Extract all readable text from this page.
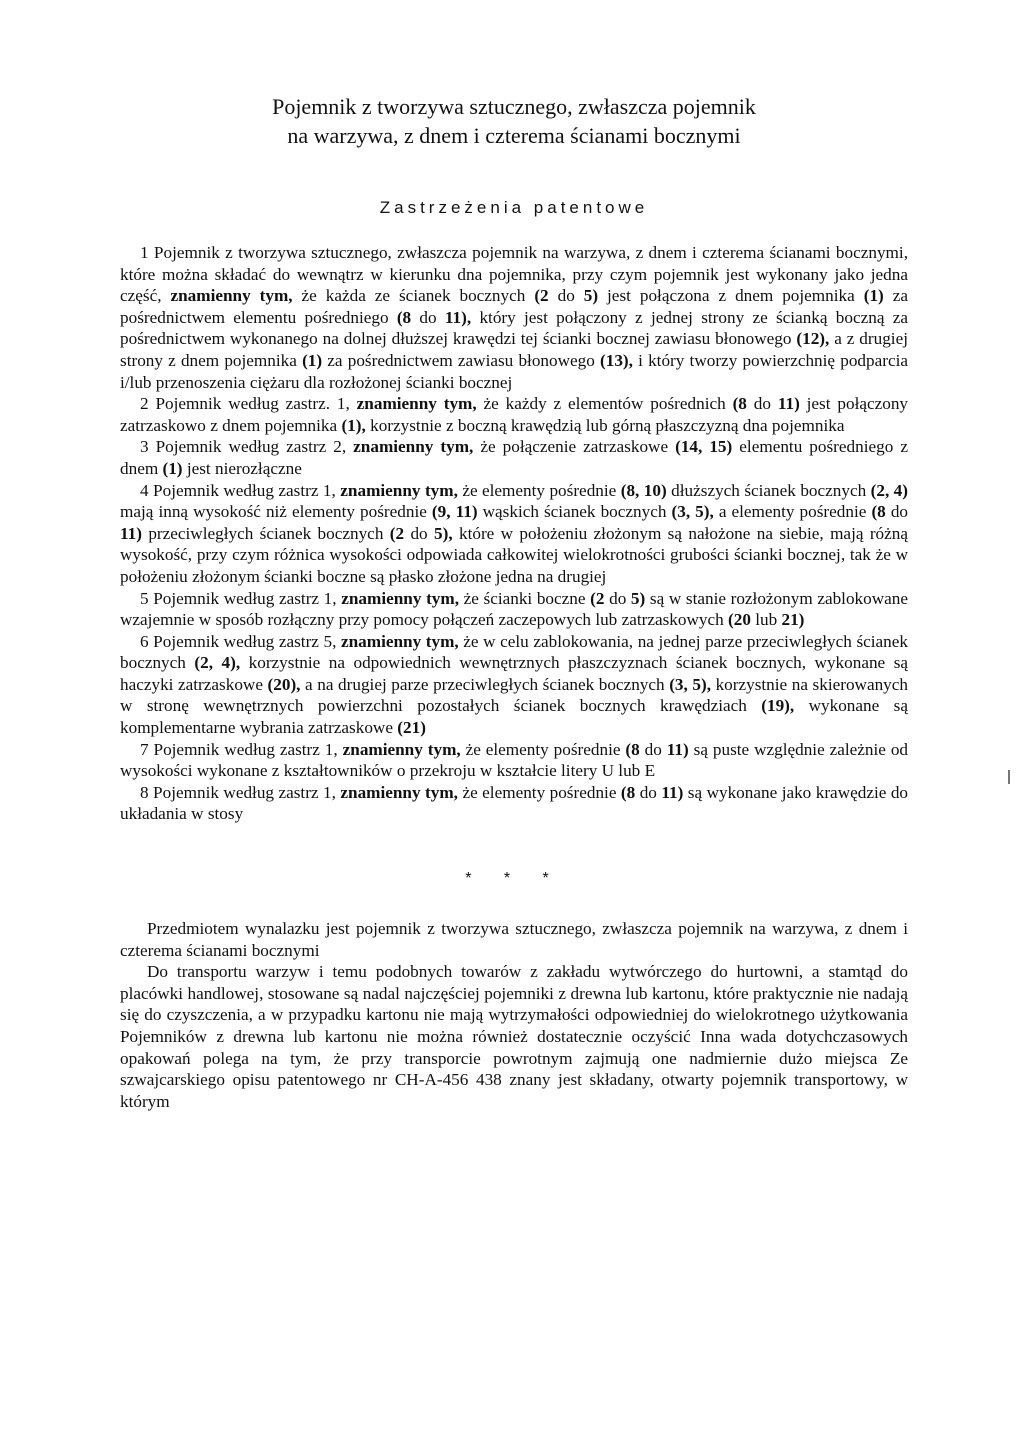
Pojemnik z tworzywa sztucznego, zwłaszcza pojemnik
na warzywa, z dnem i czterema ścianami bocznymi
Zastrzeżenia patentowe

1 Pojemnik z tworzywa sztucznego, zwłaszcza pojemnik na warzywa, z dnem i czterema ścianami bocznymi, które można składać do wewnątrz w kierunku dna pojemnika, przy czym pojemnik jest wykonany jako jedna część, znamienny tym, że każda ze ścianek bocznych (2 do 5) jest połączona z dnem pojemnika (1) za pośrednictwem elementu pośredniego (8 do 11), który jest połączony z jednej strony ze ścianką boczną za pośrednictwem wykonanego na dolnej dłuższej krawędzi tej ścianki bocznej zawiasu błonowego (12), a z drugiej strony z dnem pojemnika (1) za pośrednictwem zawiasu błonowego (13), i który tworzy powierzchnię podparcia i/lub przenoszenia ciężaru dla rozłożonej ścianki bocznej

2 Pojemnik według zastrz. 1, znamienny tym, że każdy z elementów pośrednich (8 do 11) jest połączony zatrzaskowo z dnem pojemnika (1), korzystnie z boczną krawędzią lub górną płaszczyzną dna pojemnika

3 Pojemnik według zastrz 2, znamienny tym, że połączenie zatrzaskowe (14, 15) elementu pośredniego z dnem (1) jest nierozłączne

4 Pojemnik według zastrz 1, znamienny tym, że elementy pośrednie (8, 10) dłuższych ścianek bocznych (2, 4) mają inną wysokość niż elementy pośrednie (9, 11) wąskich ścianek bocznych (3, 5), a elementy pośrednie (8 do 11) przeciwległych ścianek bocznych (2 do 5), które w położeniu złożonym są nałożone na siebie, mają różną wysokość, przy czym różnica wysokości odpowiada całkowitej wielokrotności grubości ścianki bocznej, tak że w położeniu złożonym ścianki boczne są płasko złożone jedna na drugiej

5 Pojemnik według zastrz 1, znamienny tym, że ścianki boczne (2 do 5) są w stanie rozłożonym zablokowane wzajemnie w sposób rozłączny przy pomocy połączeń zaczepowych lub zatrzaskowych (20 lub 21)

6 Pojemnik według zastrz 5, znamienny tym, że w celu zablokowania, na jednej parze przeciwległych ścianek bocznych (2, 4), korzystnie na odpowiednich wewnętrznych płaszczyznach ścianek bocznych, wykonane są haczyki zatrzaskowe (20), a na drugiej parze przeciwległych ścianek bocznych (3, 5), korzystnie na skierowanych w stronę wewnętrznych powierzchni pozostałych ścianek bocznych krawędziach (19), wykonane są komplementarne wybrania zatrzaskowe (21)

7 Pojemnik według zastrz 1, znamienny tym, że elementy pośrednie (8 do 11) są puste względnie zależnie od wysokości wykonane z kształtowników o przekroju w kształcie litery U lub E

8 Pojemnik według zastrz 1, znamienny tym, że elementy pośrednie (8 do 11) są wykonane jako krawędzie do układania w stosy

* * *

Przedmiotem wynalazku jest pojemnik z tworzywa sztucznego, zwłaszcza pojemnik na warzywa, z dnem i czterema ścianami bocznymi

Do transportu warzyw i temu podobnych towarów z zakładu wytwórczego do hurtowni, a stamtąd do placówki handlowej, stosowane są nadal najczęściej pojemniki z drewna lub kartonu, które praktycznie nie nadają się do czyszczenia, a w przypadku kartonu nie mają wytrzymałości odpowiedniej do wielokrotnego użytkowania Pojemników z drewna lub kartonu nie można również dostatecznie oczyścić Inna wada dotychczasowych opakowań polega na tym, że przy transporcie powrotnym zajmują one nadmiernie dużo miejsca Ze szwajcarskiego opisu patentowego nr CH-A-456 438 znany jest składany, otwarty pojemnik transportowy, w którym
